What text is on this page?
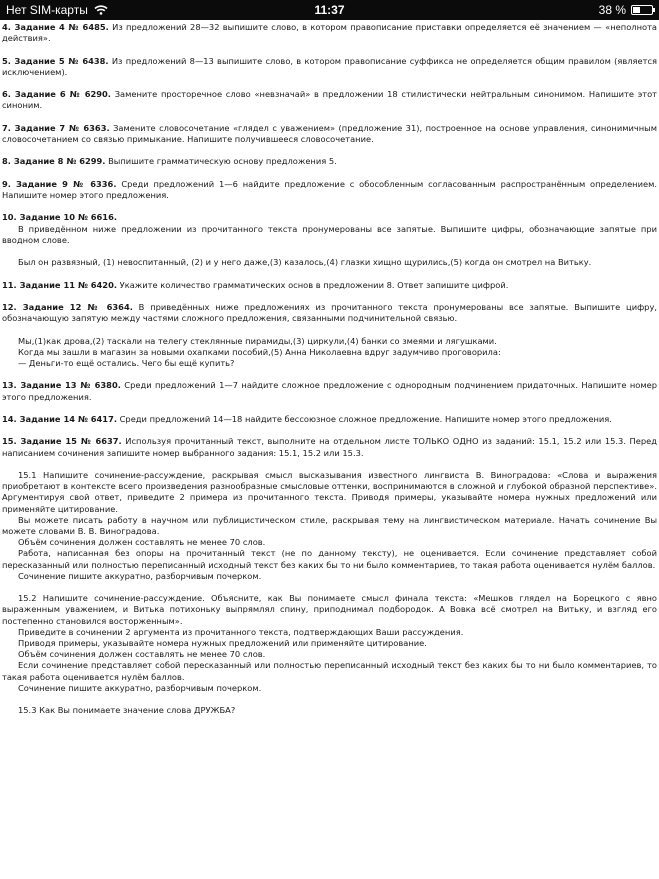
Нет SIM-карты	11:37	38 %
4. Задание 4 № 6485. Из предложений 28—32 выпишите слово, в котором правописание приставки определяется её значением — «неполнота действия».
5. Задание 5 № 6438. Из предложений 8—13 выпишите слово, в котором правописание суффикса не определяется общим правилом (является исключением).
6. Задание 6 № 6290. Замените просторечное слово «невзначай» в предложении 18 стилистически нейтральным синонимом. Напишите этот синоним.
7. Задание 7 № 6363. Замените словосочетание «глядел с уважением» (предложение 31), построенное на основе управления, синонимичным словосочетанием со связью примыкание. Напишите получившееся словосочетание.
8. Задание 8 № 6299. Выпишите грамматическую основу предложения 5.
9. Задание 9 № 6336. Среди предложений 1—6 найдите предложение с обособленным согласованным распространённым определением. Напишите номер этого предложения.
10. Задание 10 № 6616.
В приведённом ниже предложении из прочитанного текста пронумерованы все запятые. Выпишите цифры, обозначающие запятые при вводном слове.
Был он развязный, (1) невоспитанный, (2) и у него даже,(3) казалось,(4) глазки хищно щурились,(5) когда он смотрел на Витьку.
11. Задание 11 № 6420. Укажите количество грамматических основ в предложении 8. Ответ запишите цифрой.
12. Задание 12 № 6364. В приведённых ниже предложениях из прочитанного текста пронумерованы все запятые. Выпишите цифру, обозначающую запятую между частями сложного предложения, связанными подчинительной связью.
Мы,(1)как дрова,(2) таскали на телегу стеклянные пирамиды,(3) циркули,(4) банки со змеями и лягушками.
Когда мы зашли в магазин за новыми охапками пособий,(5) Анна Николаевна вдруг задумчиво проговорила:
— Деньги-то ещё остались. Чего бы ещё купить?
13. Задание 13 № 6380. Среди предложений 1—7 найдите сложное предложение с однородным подчинением придаточных. Напишите номер этого предложения.
14. Задание 14 № 6417. Среди предложений 14—18 найдите бессоюзное сложное предложение. Напишите номер этого предложения.
15. Задание 15 № 6637. Используя прочитанный текст, выполните на отдельном листе ТОЛЬКО ОДНО из заданий: 15.1, 15.2 или 15.3. Перед написанием сочинения запишите номер выбранного задания: 15.1, 15.2 или 15.3.
15.1 Напишите сочинение-рассуждение, раскрывая смысл высказывания известного лингвиста В. Виноградова: «Слова и выражения приобретают в контексте всего произведения разнообразные смысловые оттенки, воспринимаются в сложной и глубокой образной перспективе». Аргументируя свой ответ, приведите 2 примера из прочитанного текста. Приводя примеры, указывайте номера нужных предложений или применяйте цитирование.
Вы можете писать работу в научном или публицистическом стиле, раскрывая тему на лингвистическом материале. Начать сочинение Вы можете словами В. В. Виноградова.
Объём сочинения должен составлять не менее 70 слов.
Работа, написанная без опоры на прочитанный текст (не по данному тексту), не оценивается. Если сочинение представляет собой пересказанный или полностью переписанный исходный текст без каких бы то ни было комментариев, то такая работа оценивается нулём баллов.
Сочинение пишите аккуратно, разборчивым почерком.
15.2 Напишите сочинение-рассуждение. Объясните, как Вы понимаете смысл финала текста: «Мешков глядел на Борецкого с явно выраженным уважением, и Витька потихоньку выпрямлял спину, приподнимал подбородок. А Вовка всё смотрел на Витьку, и взгляд его постепенно становился восторженным».
Приведите в сочинении 2 аргумента из прочитанного текста, подтверждающих Ваши рассуждения.
Приводя примеры, указывайте номера нужных предложений или применяйте цитирование.
Объём сочинения должен составлять не менее 70 слов.
Если сочинение представляет собой пересказанный или полностью переписанный исходный текст без каких бы то ни было комментариев, то такая работа оценивается нулём баллов.
Сочинение пишите аккуратно, разборчивым почерком.
15.3 Как Вы понимаете значение слова ДРУЖБА?
